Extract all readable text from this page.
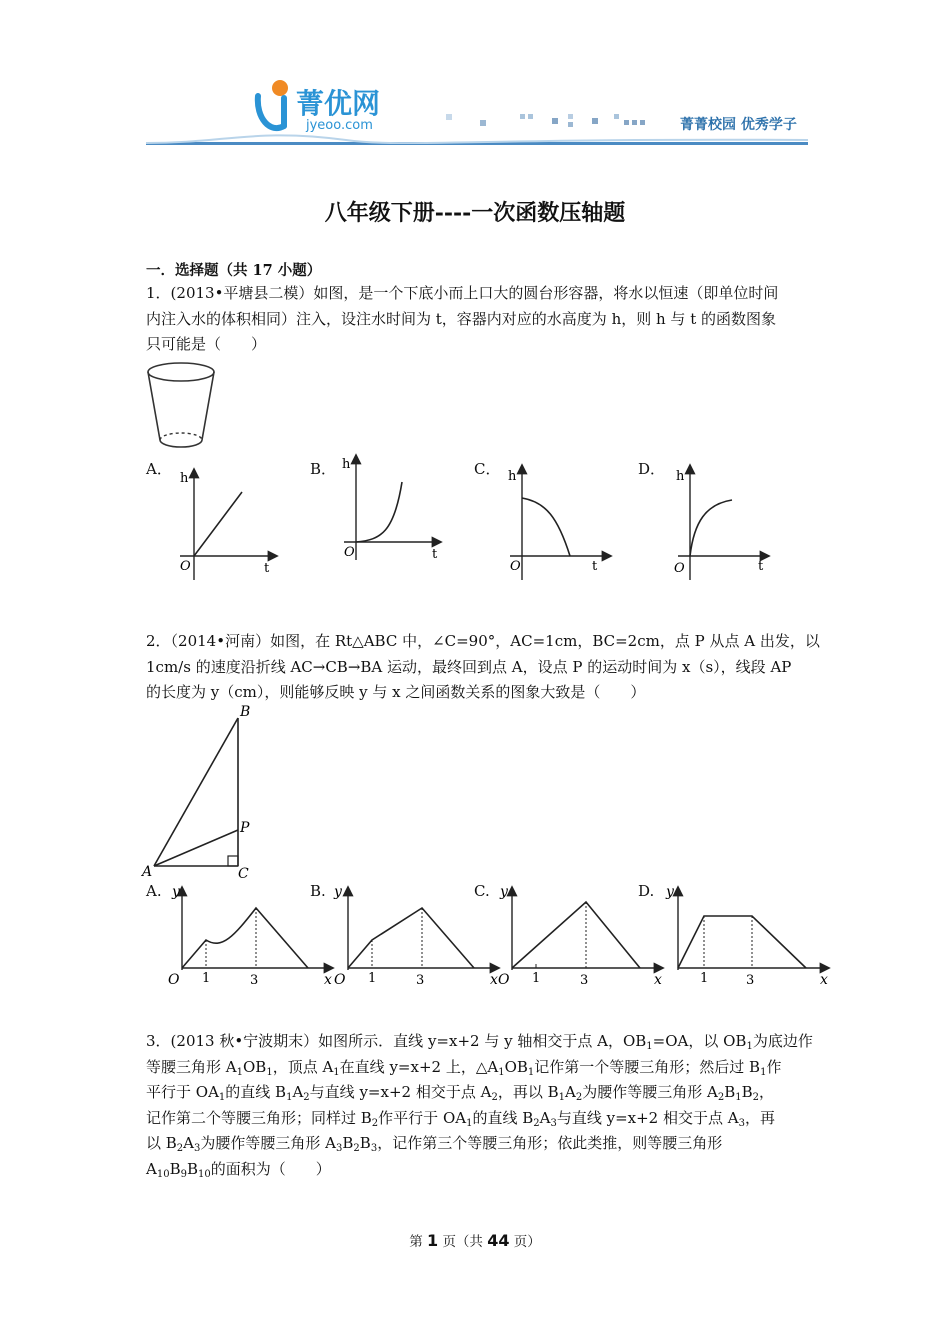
菁优网
jyeoo.com	菁菁校园 优秀学子
八年级下册----一次函数压轴题
一．选择题（共 17 小题）
1．(2013•平塘县二模）如图，是一个下底小而上口大的圆台形容器，将水以恒速（即单位时间
内注入水的体积相同）注入，设注水时间为 t，容器内对应的水高度为 h，则 h 与 t 的函数图象
只可能是（　　）
A．	B．	C．	D．
h
O	t
h
O	t
h
O	t
h
O	t
2．（2014•河南）如图，在 Rt△ABC 中，∠C=90°，AC=1cm，BC=2cm，点 P 从点 A 出发，以
1cm/s 的速度沿折线 AC→CB→BA 运动，最终回到点 A，设点 P 的运动时间为 x（s），线段 AP
的长度为 y（cm），则能够反映 y 与 x 之间函数关系的图象大致是（　　）
B
P
A	C
A.	B.	C.	D.
y
O 1	3	x
y
O 1	3	x
y
O 1	3	x
y
1	3	x
3．(2013 秋•宁波期末）如图所示．直线 y=x+2 与 y 轴相交于点 A，$OB_1=OA$，以 $OB_1$为底边作
等腰三角形 $A_1OB_1$，顶点 $A_1$在直线 y=x+2 上，$\triangle A_1OB_1$记作第一个等腰三角形；然后过 $B_1$作
平行于 $OA_1$的直线 $B_1A_2$与直线 y=x+2 相交于点 $A_2$，再以 $B_1A_2$为腰作等腰三角形 $A_2B_1B_2$，
记作第二个等腰三角形；同样过 $B_2$作平行于 $OA_1$的直线 $B_2A_3$与直线 y=x+2 相交于点 $A_3$，再
以 $B_2A_3$为腰作等腰三角形 $A_3B_2B_3$，记作第三个等腰三角形；依此类推，则等腰三角形
$A_{10}B_9B_{10}$的面积为（　　）
第 1 页（共 44 页）
